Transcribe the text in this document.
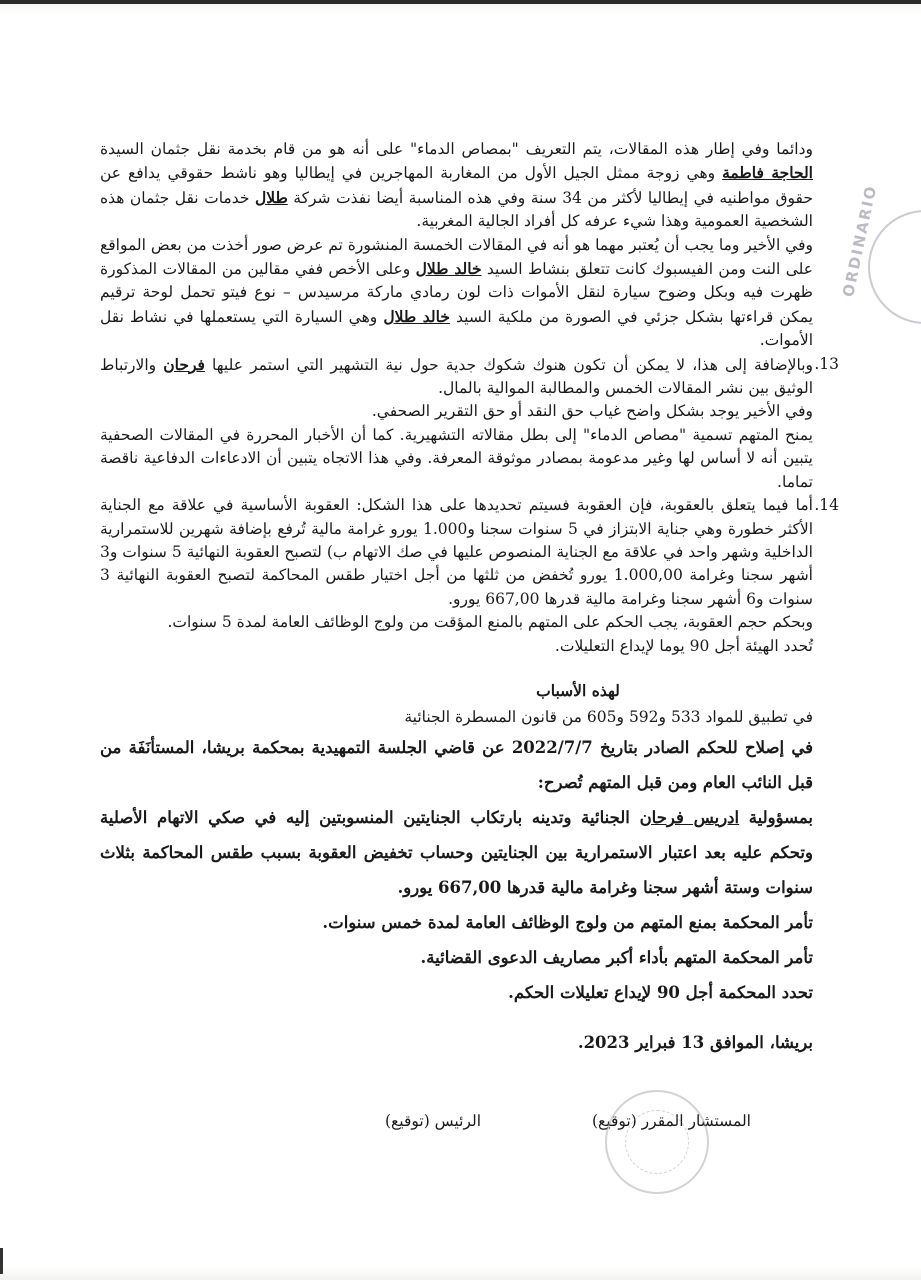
ودائما وفي إطار هذه المقالات، يتم التعريف "بمصاص الدماء" على أنه هو من قام بخدمة نقل جثمان السيدة الحاجة فاطمة وهي زوجة ممثل الجيل الأول من المغاربة المهاجرين في إيطاليا وهو ناشط حقوقي يدافع عن حقوق مواطنيه في إيطاليا لأكثر من 34 سنة وفي هذه المناسبة أيضا نفذت شركة طلال خدمات نقل جثمان هذه الشخصية العمومية وهذا شيء عرفه كل أفراد الجالية المغربية.

وفي الأخير وما يجب أن يُعتبر مهما هو أنه في المقالات الخمسة المنشورة تم عرض صور أخذت من بعض المواقع على النت ومن الفيسبوك كانت تتعلق بنشاط السيد خالد طلال وعلى الأخص ففي مقالين من المقالات المذكورة ظهرت فيه وبكل وضوح سيارة لنقل الأموات ذات لون رمادي ماركة مرسيدس – نوع فيتو تحمل لوحة ترقيم يمكن قراءتها بشكل جزئي في الصورة من ملكية السيد خالد طلال وهي السيارة التي يستعملها في نشاط نقل الأموات.

13.

وبالإضافة إلى هذا، لا يمكن أن تكون هنوك شكوك جدية حول نية التشهير التي استمر عليها فرحان والارتباط الوثيق بين نشر المقالات الخمس والمطالبة الموالية بالمال.

وفي الأخير يوجد بشكل واضح غياب حق النقد أو حق التقرير الصحفي.

يمنح المتهم تسمية "مصاص الدماء" إلى بطل مقالاته التشهيرية. كما أن الأخبار المحررة في المقالات الصحفية يتبين أنه لا أساس لها وغير مدعومة بمصادر موثوقة المعرفة. وفي هذا الاتجاه يتبين أن الادعاءات الدفاعية ناقصة تماما.

14.

أما فيما يتعلق بالعقوبة، فإن العقوبة فسيتم تحديدها على هذا الشكل: العقوبة الأساسية في علاقة مع الجناية الأكثر خطورة وهي جناية الابتزاز في 5 سنوات سجنا و1.000 يورو غرامة مالية تُرفع بإضافة شهرين للاستمرارية الداخلية وشهر واحد في علاقة مع الجناية المنصوص عليها في صك الاتهام ب) لتصبح العقوبة النهائية 5 سنوات و3 أشهر سجنا وغرامة 1.000,00 يورو تُخفض من ثلثها من أجل اختيار طقس المحاكمة لتصبح العقوبة النهائية 3 سنوات و6 أشهر سجنا وغرامة مالية قدرها 667,00 يورو.

وبحكم حجم العقوبة، يجب الحكم على المتهم بالمنع المؤقت من ولوج الوظائف العامة لمدة 5 سنوات.

تُحدد الهيئة أجل 90 يوما لإيداع التعليلات.

لهذه الأسباب

في تطبيق للمواد 533 و592 و605 من قانون المسطرة الجنائية

في إصلاح للحكم الصادر بتاريخ 2022/7/7 عن قاضي الجلسة التمهيدية بمحكمة بريشا، المستأنَفَة من قبل النائب العام ومن قبل المتهم تُصرح:

بمسؤولية ادريس فرحان الجنائية وتدينه بارتكاب الجنايتين المنسوبتين إليه في صكي الاتهام الأصلية وتحكم عليه بعد اعتبار الاستمرارية بين الجنايتين وحساب تخفيض العقوبة بسبب طقس المحاكمة بثلاث سنوات وستة أشهر سجنا وغرامة مالية قدرها 667,00 يورو.

تأمر المحكمة بمنع المتهم من ولوج الوظائف العامة لمدة خمس سنوات.

تأمر المحكمة المتهم بأداء أكبر مصاريف الدعوى القضائية.

تحدد المحكمة أجل 90 لإيداع تعليلات الحكم.

بريشا، الموافق 13 فبراير 2023.

المستشار المقرر (توقيع)
الرئيس (توقيع)
ORDINARIO
